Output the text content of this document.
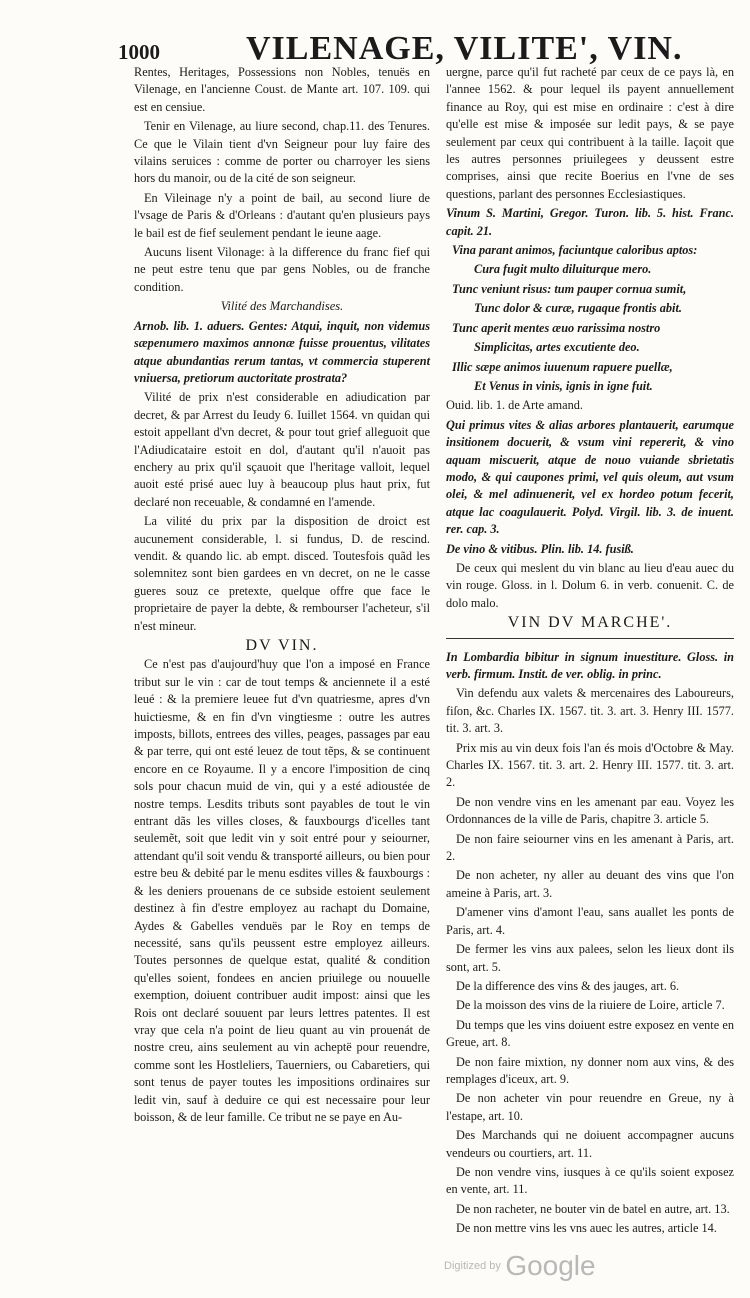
1000	VILENAGE, VILITE', VIN.

Rentes, Heritages, Possessions non Nobles, tenuës en Vilenage, en l'ancienne Coust. de Mante art. 107. 109. qui est en censiue.

Tenir en Vilenage, au liure second, chap.11. des Tenures. Ce que le Vilain tient d'vn Seigneur pour luy faire des vilains seruices : comme de porter ou charroyer les siens hors du manoir, ou de la cité de son seigneur.

En Vileinage n'y a point de bail, au second liure de l'vsage de Paris & d'Orleans : d'autant qu'en plusieurs pays le bail est de fief seulement pendant le ieune aage.

Aucuns lisent Vilonage: à la difference du franc fief qui ne peut estre tenu que par gens Nobles, ou de franche condition.

Vilité des Marchandises.

Arnob. lib. 1. aduers. Gentes: Atqui, inquit, non videmus sæpenumero maximos annonæ fuisse prouentus, vilitates atque abundantias rerum tantas, vt commercia stuperent vniuersa, pretiorum auctoritate prostrata?

Vilité de prix n'est considerable en adiudication par decret, & par Arrest du Ieudy 6. Iuillet 1564. vn quidan qui estoit appellant d'vn decret, & pour tout grief alleguoit que l'Adiudicataire estoit en dol, d'autant qu'il n'auoit pas enchery au prix qu'il sçauoit que l'heritage valloit, lequel auoit esté prisé auec luy à beaucoup plus haut prix, fut declaré non receuable, & condamné en l'amende.

La vilité du prix par la disposition de droict est aucunement considerable, l. si fundus, D. de rescind. vendit. & quando lic. ab empt. disced. Toutesfois quãd les solemnitez sont bien gardees en vn decret, on ne le casse gueres souz ce pretexte, quelque offre que face le proprietaire de payer la debte, & rembourser l'acheteur, s'il n'est mineur.

DV VIN.

Ce n'est pas d'aujourd'huy que l'on a imposé en France tribut sur le vin : car de tout temps & anciennete il a esté leué : & la premiere leuee fut d'vn quatriesme, apres d'vn huictiesme, & en fin d'vn vingtiesme : outre les autres imposts, billots, entrees des villes, peages, passages par eau & par terre, qui ont esté leuez de tout tẽps, & se continuent encore en ce Royaume. Il y a encore l'imposition de cinq sols pour chacun muid de vin, qui y a esté adioustée de nostre temps. Lesdits tributs sont payables de tout le vin entrant dãs les villes closes, & fauxbourgs d'icelles tant seulemẽt, soit que ledit vin y soit entré pour y seiourner, attendant qu'il soit vendu & transporté ailleurs, ou bien pour estre beu & debité par le menu esdites villes & fauxbourgs : & les deniers prouenans de ce subside estoient seulement destinez à fin d'estre employez au rachapt du Domaine, Aydes & Gabelles venduës par le Roy en temps de necessité, sans qu'ils peussent estre employez ailleurs. Toutes personnes de quelque estat, qualité & condition qu'elles soient, fondees en ancien priuilege ou nouuelle exemption, doiuent contribuer audit impost: ainsi que les Rois ont declaré souuent par leurs lettres patentes. Il est vray que cela n'a point de lieu quant au vin prouenát de nostre creu, ains seulement au vin acheptë pour reuendre, comme sont les Hostleliers, Tauerniers, ou Cabaretiers, qui sont tenus de payer toutes les impositions ordinaires sur ledit vin, sauf à deduire ce qui est necessaire pour leur boisson, & de leur famille. Ce tribut ne se paye en Au-

uergne, parce qu'il fut racheté par ceux de ce pays là, en l'annee 1562. & pour lequel ils payent annuellement finance au Roy, qui est mise en ordinaire : c'est à dire qu'elle est mise & imposée sur ledit pays, & se paye seulement par ceux qui contribuent à la taille. Iaçoit que les autres personnes priuilegees y deussent estre comprises, ainsi que recite Boerius en l'vne de ses questions, parlant des personnes Ecclesiastiques.

Vinum S. Martini, Gregor. Turon. lib. 5. hist. Franc. capit. 21.

Vina parant animos, faciuntque caloribus aptos:

Cura fugit multo diluiturque mero.

Tunc veniunt risus: tum pauper cornua sumit,

Tunc dolor & curæ, rugaque frontis abit.

Tunc aperit mentes æuo rarissima nostro

Simplicitas, artes excutiente deo.

Illic sæpe animos iuuenum rapuere puellæ,

Et Venus in vinis, ignis in igne fuit.

Ouid. lib. 1. de Arte amand.

Qui primus vites & alias arbores plantauerit, earumque insitionem docuerit, & vsum vini repererit, & vino aquam miscuerit, atque de nouo vuiande sbrietatis modo, & qui caupones primi, vel quis oleum, aut vsum olei, & mel adinuenerit, vel ex hordeo potum fecerit, atque lac coagulauerit. Polyd. Virgil. lib. 3. de inuent. rer. cap. 3.

De vino & vitibus. Plin. lib. 14. fusiß.

De ceux qui meslent du vin blanc au lieu d'eau auec du vin rouge. Gloss. in l. Dolum 6. in verb. conuenit. C. de dolo malo.

VIN DV MARCHE'.

In Lombardia bibitur in signum inuestiture. Gloss. in verb. firmum. Instit. de ver. oblig. in princ.

Vin defendu aux valets & mercenaires des Laboureurs, fiſon, &c. Charles IX. 1567. tit. 3. art. 3. Henry III. 1577. tit. 3. art. 3.

Prix mis au vin deux fois l'an és mois d'Octobre & May. Charles IX. 1567. tit. 3. art. 2. Henry III. 1577. tit. 3. art. 2.

De non vendre vins en les amenant par eau. Voyez les Ordonnances de la ville de Paris, chapitre 3. article 5.

De non faire seiourner vins en les amenant à Paris, art. 2.

De non acheter, ny aller au deuant des vins que l'on ameine à Paris, art. 3.

D'amener vins d'amont l'eau, sans auallet les ponts de Paris, art. 4.

De fermer les vins aux palees, selon les lieux dont ils sont, art. 5.

De la difference des vins & des jauges, art. 6.

De la moisson des vins de la riuiere de Loire, article 7.

Du temps que les vins doiuent estre exposez en vente en Greue, art. 8.

De non faire mixtion, ny donner nom aux vins, & des remplages d'iceux, art. 9.

De non acheter vin pour reuendre en Greue, ny à l'estape, art. 10.

Des Marchands qui ne doiuent accompagner aucuns vendeurs ou courtiers, art. 11.

De non vendre vins, iusques à ce qu'ils soient exposez en vente, art. 11.

De non racheter, ne bouter vin de batel en autre, art. 13.

De non mettre vins les vns auec les autres, article 14.

Digitized by Google
